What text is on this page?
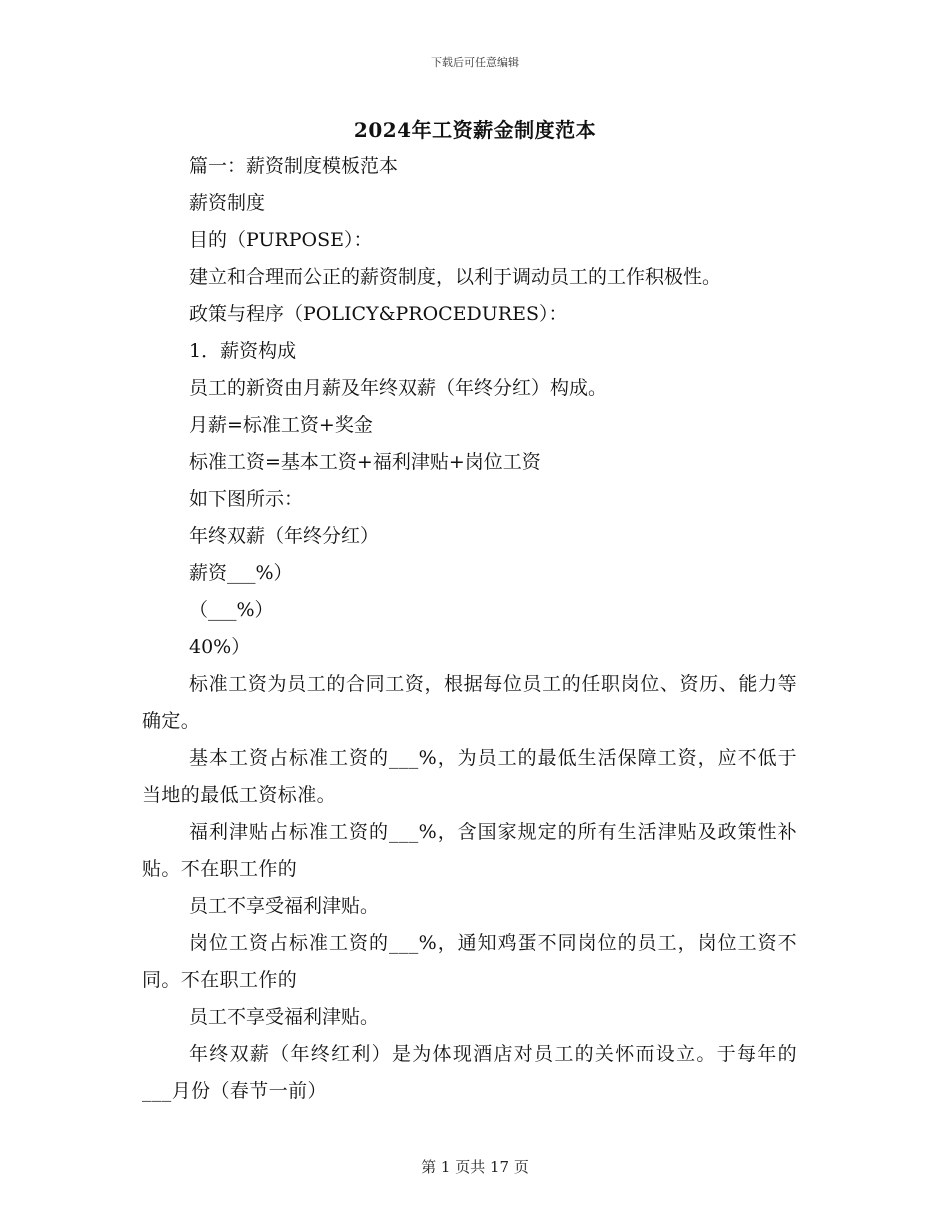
下载后可任意编辑
2024年工资薪金制度范本
篇一：薪资制度模板范本
薪资制度
目的（PURPOSE）：
建立和合理而公正的薪资制度，以利于调动员工的工作积极性。
政策与程序（POLICY&PROCEDURES）：
1．薪资构成
员工的新资由月薪及年终双薪（年终分红）构成。
月薪=标准工资+奖金
标准工资=基本工资+福利津贴+岗位工资
如下图所示：
年终双薪（年终分红）
薪资___%）
（___%）
40%）
标准工资为员工的合同工资，根据每位员工的任职岗位、资历、能力等确定。
基本工资占标准工资的___%，为员工的最低生活保障工资，应不低于当地的最低工资标准。
福利津贴占标准工资的___%，含国家规定的所有生活津贴及政策性补贴。不在职工作的
员工不享受福利津贴。
岗位工资占标准工资的___%，通知鸡蛋不同岗位的员工，岗位工资不同。不在职工作的
员工不享受福利津贴。
年终双薪（年终红利）是为体现酒店对员工的关怀而设立。于每年的___月份（春节一前）
第 1 页共 17 页
